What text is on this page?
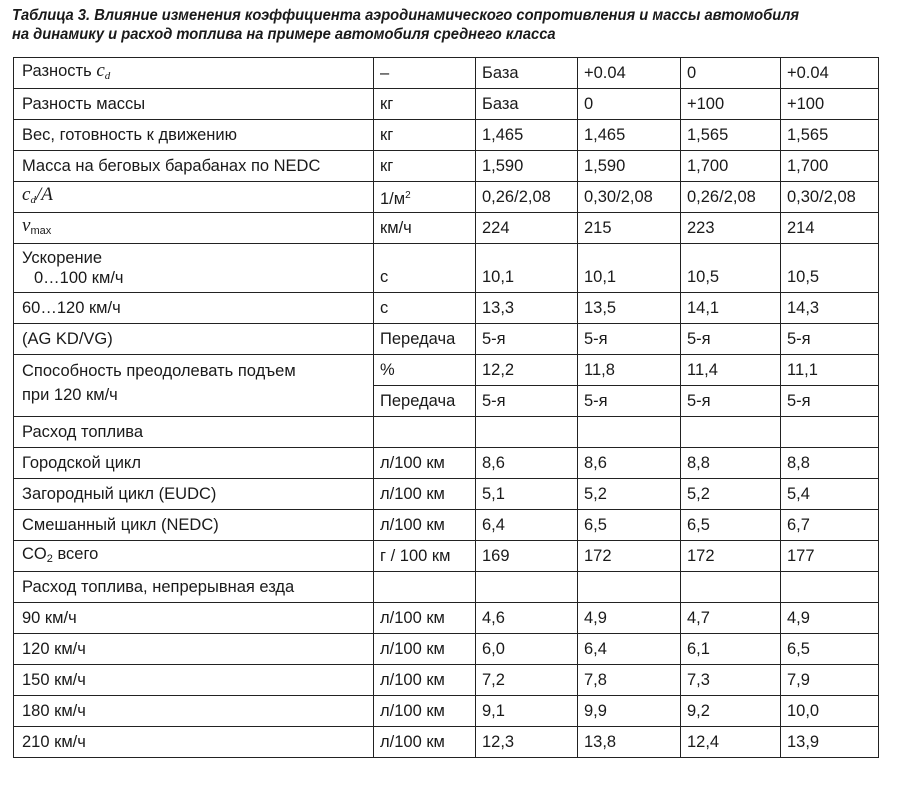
Таблица 3. Влияние изменения коэффициента аэродинамического сопротивления и массы автомобиля
на динамику и расход топлива на примере автомобиля среднего класса
Разность $c_d$	–	База	+0.04	0	+0.04
Разность массы	кг	База	0	+100	+100
Вес, готовность к движению	кг	1,465	1,465	1,565	1,565
Масса на беговых барабанах по NEDC	кг	1,590	1,590	1,700	1,700
$c_d/A$	$1/м^2$	0,26/2,08	0,30/2,08	0,26/2,08	0,30/2,08
$v_{max}$	км/ч	224	215	223	214

Ускорение
0…100 км/ч	с	10,1	10,1	10,5	10,5
60…120 км/ч	с	13,3	13,5	14,1	14,3
(AG KD/VG)	Передача	5-я	5-я	5-я	5-я

Способность преодолевать подъем
при 120 км/ч	%	12,2	11,8	11,4	11,1
	Передача	5-я	5-я	5-я	5-я
Расход топлива					
Городской цикл	л/100 км	8,6	8,6	8,8	8,8
Загородный цикл (EUDC)	л/100 км	5,1	5,2	5,2	5,4
Смешанный цикл (NEDC)	л/100 км	6,4	6,5	6,5	6,7
$CO_2$ всего	г / 100 км	169	172	172	177
Расход топлива, непрерывная езда					
90 км/ч	л/100 км	4,6	4,9	4,7	4,9
120 км/ч	л/100 км	6,0	6,4	6,1	6,5
150 км/ч	л/100 км	7,2	7,8	7,3	7,9
180 км/ч	л/100 км	9,1	9,9	9,2	10,0
210 км/ч	л/100 км	12,3	13,8	12,4	13,9
